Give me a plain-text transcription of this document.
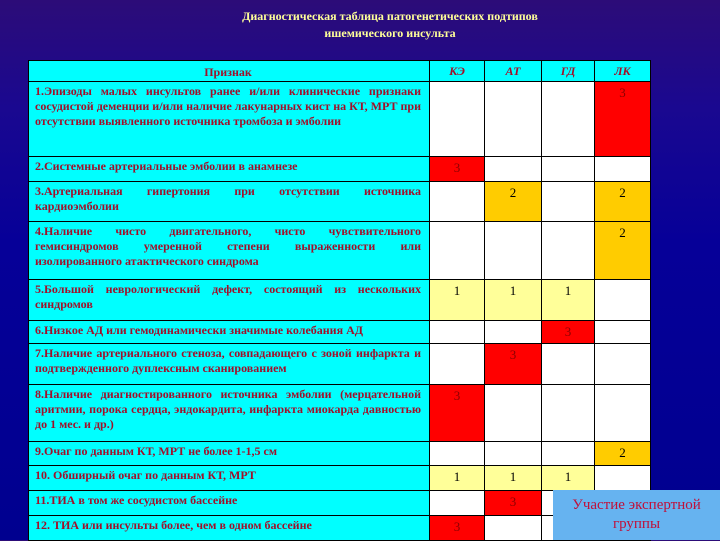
Диагностическая таблица патогенетических подтипов
ишемического инсульта
Признак	КЭ	АТ	ГД	ЛК
1.Эпизоды малых инсультов ранее и/или клинические признаки сосудистой деменции и/или наличие лакунарных кист на КТ, МРТ при отсутствии выявленного источника тромбоза и эмболии				3
2.Системные артериальные эмболии в анамнезе	3			
3.Артериальная гипертония при отсутствии источника кардиоэмболии		2		2
4.Наличие чисто двигательного, чисто чувствительного гемисиндромов умеренной степени выраженности или изолированного атактического синдрома				2
5.Большой неврологический дефект, состоящий из нескольких синдромов	1	1	1	
6.Низкое АД или гемодинамически значимые колебания АД			3	
7.Наличие артериального стеноза, совпадающего с зоной инфаркта и подтвержденного дуплексным сканированием		3		
8.Наличие диагностированного источника эмболии (мерцательной аритмии, порока сердца, эндокардита, инфаркта миокарда давностью до 1 мес. и др.)	3			
9.Очаг по данным КТ, МРТ не более 1-1,5 см				2
10. Обширный очаг по данным КТ, МРТ	1	1	1	
11.ТИА в том же сосудистом бассейне		3		
12. ТИА или инсульты более, чем в одном бассейне	3			
Участие экспертной
группы
